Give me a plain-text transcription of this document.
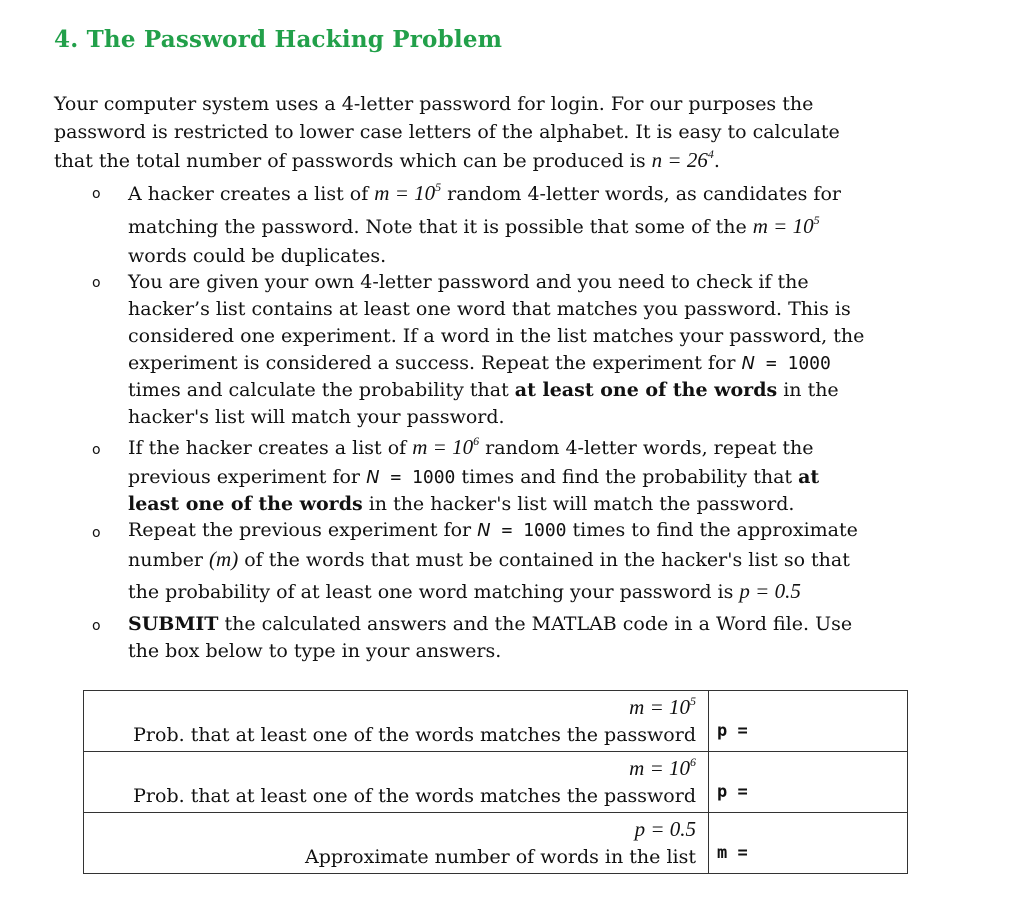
4. The Password Hacking Problem
Your computer system uses a 4-letter password for login. For our purposes the
password is restricted to lower case letters of the alphabet. It is easy to calculate
that the total number of passwords which can be produced is $n = 26^4$.
o A hacker creates a list of $m = 10^5$ random 4-letter words, as candidates for
matching the password. Note that it is possible that some of the $m = 10^5$
words could be duplicates.
o You are given your own 4-letter password and you need to check if the
hacker’s list contains at least one word that matches you password. This is
considered one experiment. If a word in the list matches your password, the
experiment is considered a success. Repeat the experiment for N = 1000
times and calculate the probability that at least one of the words in the
hacker's list will match your password.
o If the hacker creates a list of $m = 10^6$ random 4-letter words, repeat the
previous experiment for N = 1000 times and find the probability that at
least one of the words in the hacker's list will match the password.
o Repeat the previous experiment for N = 1000 times to find the approximate
number (m) of the words that must be contained in the hacker's list so that
the probability of at least one word matching your password is p = 0.5
o SUBMIT the calculated answers and the MATLAB code in a Word file. Use
the box below to type in your answers.
$m = 10^5$
Prob. that at least one of the words matches the password	p =

$m = 10^6$
Prob. that at least one of the words matches the password	p =

p = 0.5
Approximate number of words in the list	m =
